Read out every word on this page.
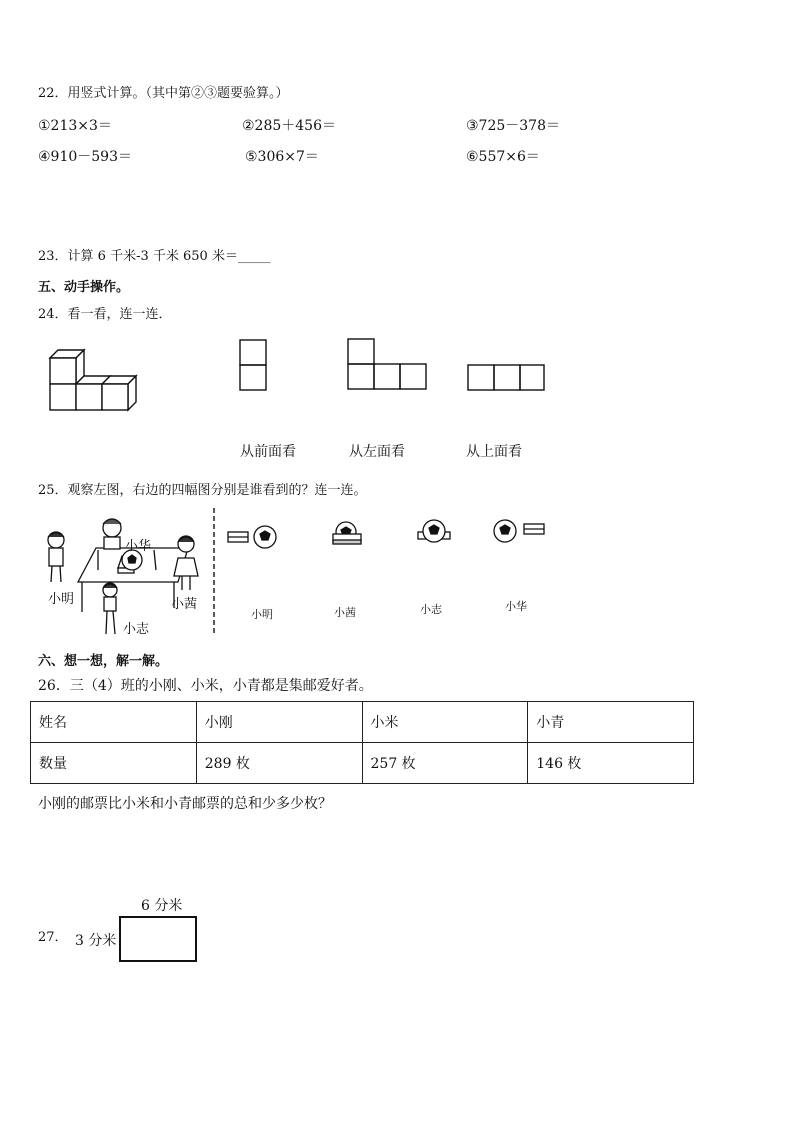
22．用竖式计算。（其中第②③题要验算。）
①213×3＝	②285＋456＝	③725－378＝
④910－593＝	⑤306×7＝	⑥557×6＝
23．计算 6 千米-3 千米 650 米＝_____
五、动手操作。
24．看一看，连一连．
从前面看	从左面看	从上面看
25．观察左图，右边的四幅图分别是谁看到的？连一连。
小华
小明	小茜
小志
小明	小茜	小志	小华
六、想一想，解一解。
26．三（4）班的小刚、小米，小青都是集邮爱好者。
姓名	小刚	小米	小青
数量	289 枚	257 枚	146 枚
小刚的邮票比小米和小青邮票的总和少多少枚？
27．
6 分米
3 分米
